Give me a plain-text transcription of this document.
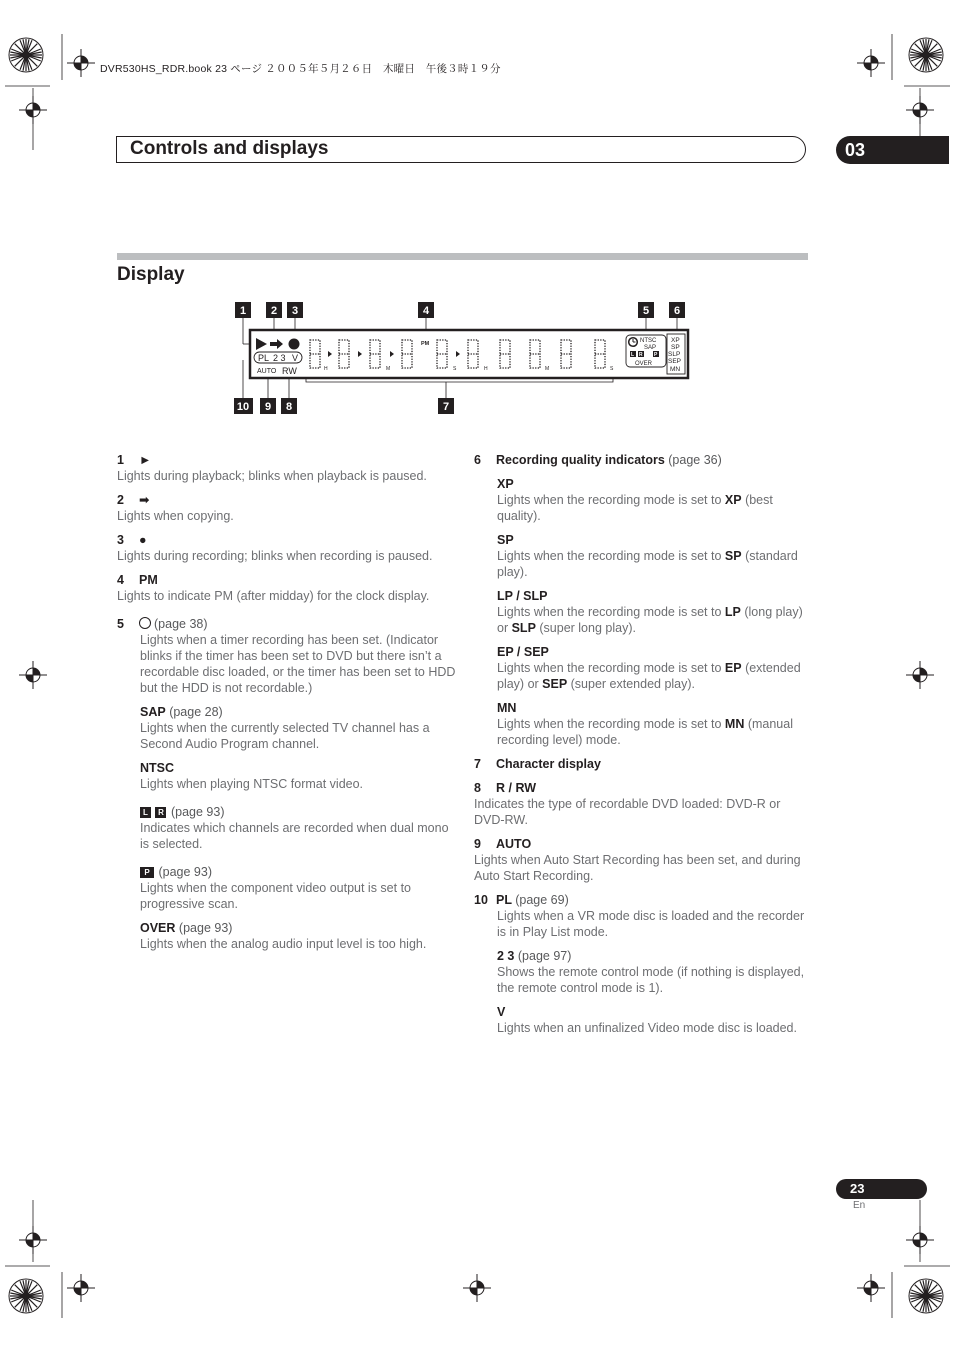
DVR530HS_RDR.book 23 ページ ２００５年５月２６日　木曜日　午後３時１９分
Controls and displays	03
Display
1 2 3	4	5 6
10 9 8	7
PL 2 3 V
AUTO RW
PM
H	M	S	H	M	S
NTSC
SAP
OVER
L R P
XP
SP
SLP
SEP
MN

1 ►

Lights during playback; blinks when playback is paused.

2 ➡

Lights when copying.

3 ●

Lights during recording; blinks when recording is paused.

4 PM

Lights to indicate PM (after midday) for the clock display.

5 (page 38)

Lights when a timer recording has been set. (Indicator blinks if the timer has been set to DVD but there isn’t a recordable disc loaded, or the timer has been set to HDD but the HDD is not recordable.)

SAP (page 28)

Lights when the currently selected TV channel has a Second Audio Program channel.

NTSC

Lights when playing NTSC format video.

L R (page 93)

Indicates which channels are recorded when dual mono is selected.

P (page 93)

Lights when the component video output is set to progressive scan.

OVER (page 93)

Lights when the analog audio input level is too high.

6 Recording quality indicators (page 36)

XP

Lights when the recording mode is set to XP (best quality).

SP

Lights when the recording mode is set to SP (standard play).

LP / SLP

Lights when the recording mode is set to LP (long play) or SLP (super long play).

EP / SEP

Lights when the recording mode is set to EP (extended play) or SEP (super extended play).

MN

Lights when the recording mode is set to MN (manual recording level) mode.

7 Character display

8 R / RW

Indicates the type of recordable DVD loaded: DVD-R or DVD-RW.

9 AUTO

Lights when Auto Start Recording has been set, and during Auto Start Recording.

10 PL (page 69)

Lights when a VR mode disc is loaded and the recorder is in Play List mode.

2 3 (page 97)

Shows the remote control mode (if nothing is displayed, the remote control mode is 1).

V

Lights when an unfinalized Video mode disc is loaded.

23
En
